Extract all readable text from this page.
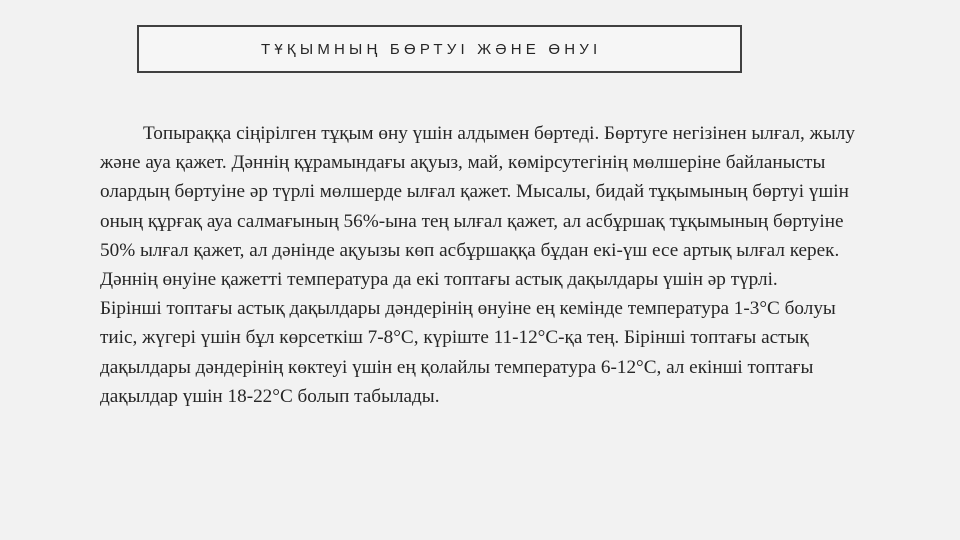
ТҰҚЫМНЫҢ БӨРТУІ ЖӘНЕ ӨНУІ

Топыраққа сіңірілген тұқым өну үшін алдымен бөртеді. Бөртуге негізінен ылғал, жылу және ауа қажет. Дәннің құрамындағы ақуыз, май, көмірсутегінің мөлшеріне байланысты олардың бөртуіне әр түрлі мөлшерде ылғал қажет. Мысалы, бидай тұқымының бөртуі үшін оның құрғақ ауа салмағының 56%-ына тең ылғал қажет, ал асбұршақ тұқымының бөртуіне 50% ылғал қажет, ал дәнінде ақуызы көп асбұршаққа бұдан екі-үш есе артық ылғал керек. Дәннің өнуіне қажетті температура да екі топтағы астық дақылдары үшін әр түрлі.

Бірінші топтағы астық дақылдары дәндерінің өнуіне ең кемінде температура 1-3°С болуы тиіс, жүгері үшін бұл көрсеткіш 7-8°С, күріште 11-12°С-қа тең. Бірінші топтағы астық дақылдары дәндерінің көктеуі үшін ең қолайлы температура 6-12°С, ал екінші топтағы дақылдар үшін 18-22°С болып табылады.
